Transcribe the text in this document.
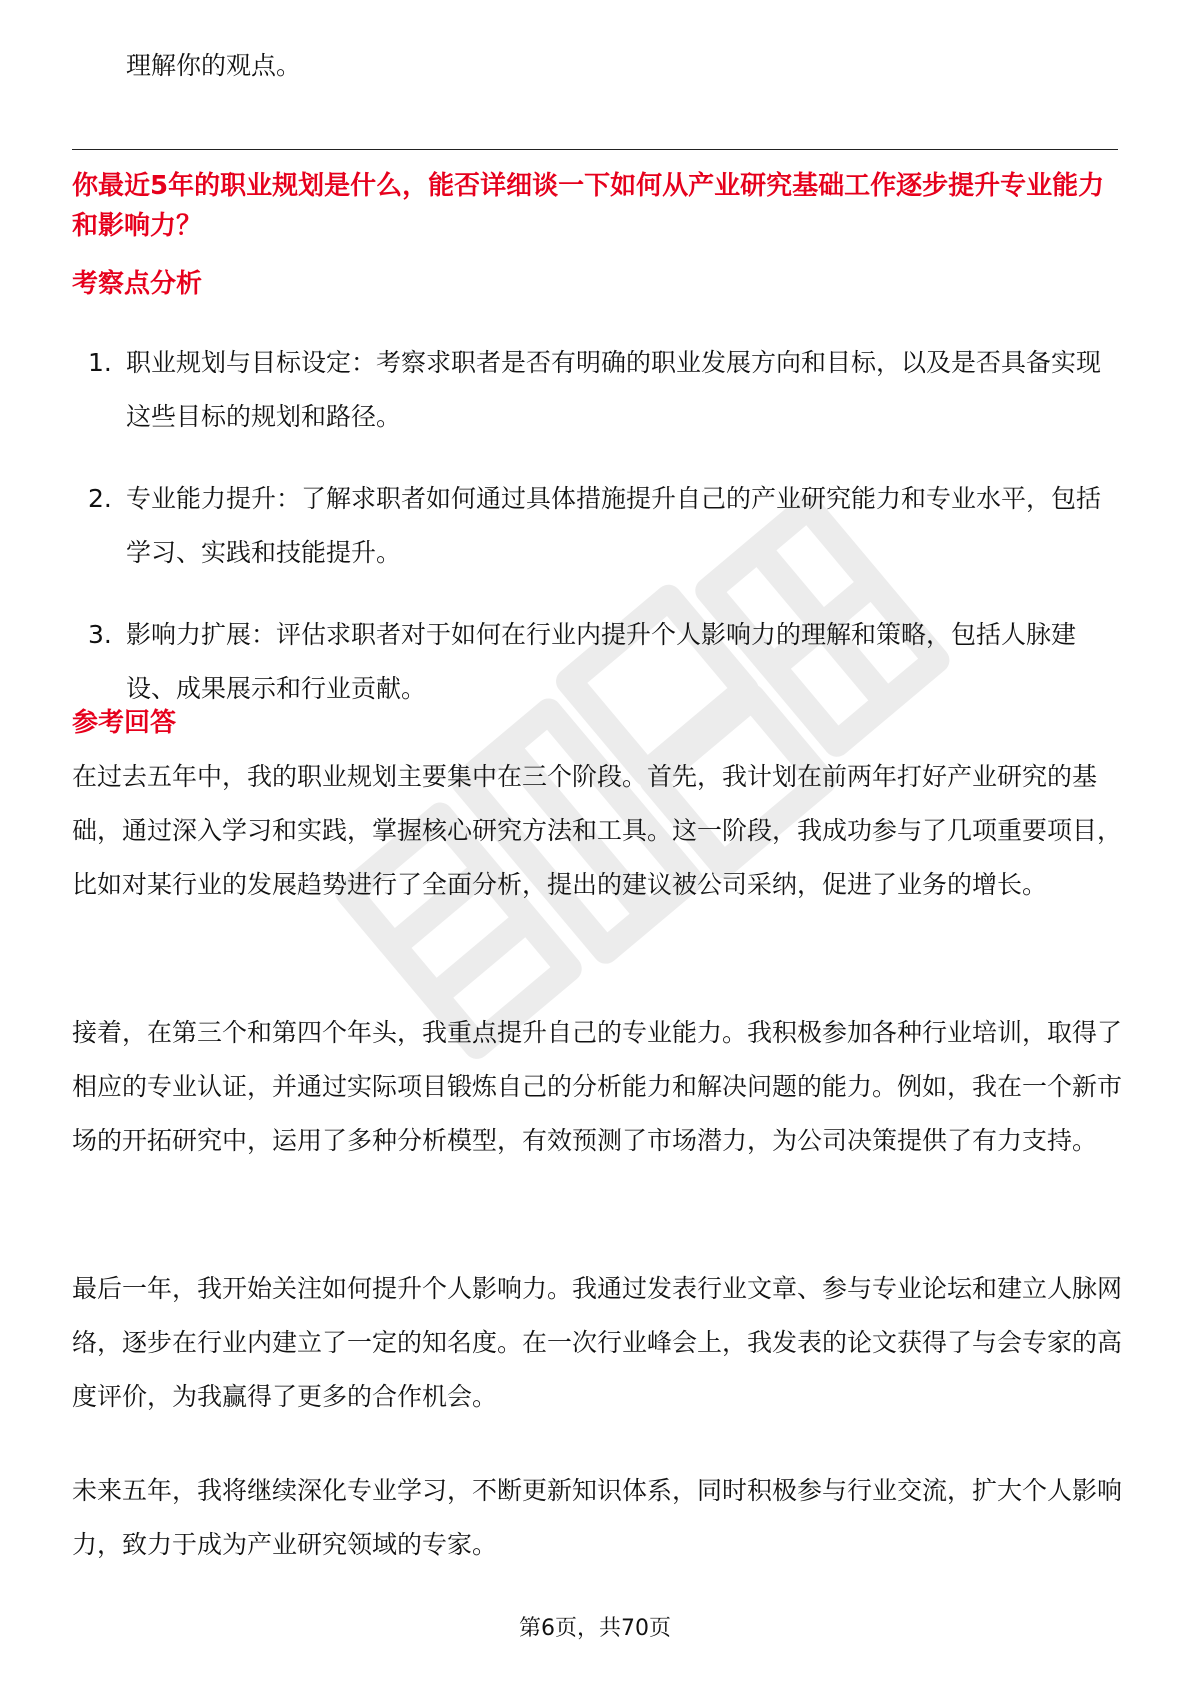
理解你的观点。

你最近5年的职业规划是什么，能否详细谈一下如何从产业研究基础工作逐步提升专业能力和影响力？
考察点分析
1. 职业规划与目标设定：考察求职者是否有明确的职业发展方向和目标，以及是否具备实现这些目标的规划和路径。
2. 专业能力提升：了解求职者如何通过具体措施提升自己的产业研究能力和专业水平，包括学习、实践和技能提升。
3. 影响力扩展：评估求职者对于如何在行业内提升个人影响力的理解和策略，包括人脉建设、成果展示和行业贡献。
参考回答

在过去五年中，我的职业规划主要集中在三个阶段。首先，我计划在前两年打好产业研究的基础，通过深入学习和实践，掌握核心研究方法和工具。这一阶段，我成功参与了几项重要项目，比如对某行业的发展趋势进行了全面分析，提出的建议被公司采纳，促进了业务的增长。

接着，在第三个和第四个年头，我重点提升自己的专业能力。我积极参加各种行业培训，取得了相应的专业认证，并通过实际项目锻炼自己的分析能力和解决问题的能力。例如，我在一个新市场的开拓研究中，运用了多种分析模型，有效预测了市场潜力，为公司决策提供了有力支持。

最后一年，我开始关注如何提升个人影响力。我通过发表行业文章、参与专业论坛和建立人脉网络，逐步在行业内建立了一定的知名度。在一次行业峰会上，我发表的论文获得了与会专家的高度评价，为我赢得了更多的合作机会。

未来五年，我将继续深化专业学习，不断更新知识体系，同时积极参与行业交流，扩大个人影响力，致力于成为产业研究领域的专家。

第6页，共70页
